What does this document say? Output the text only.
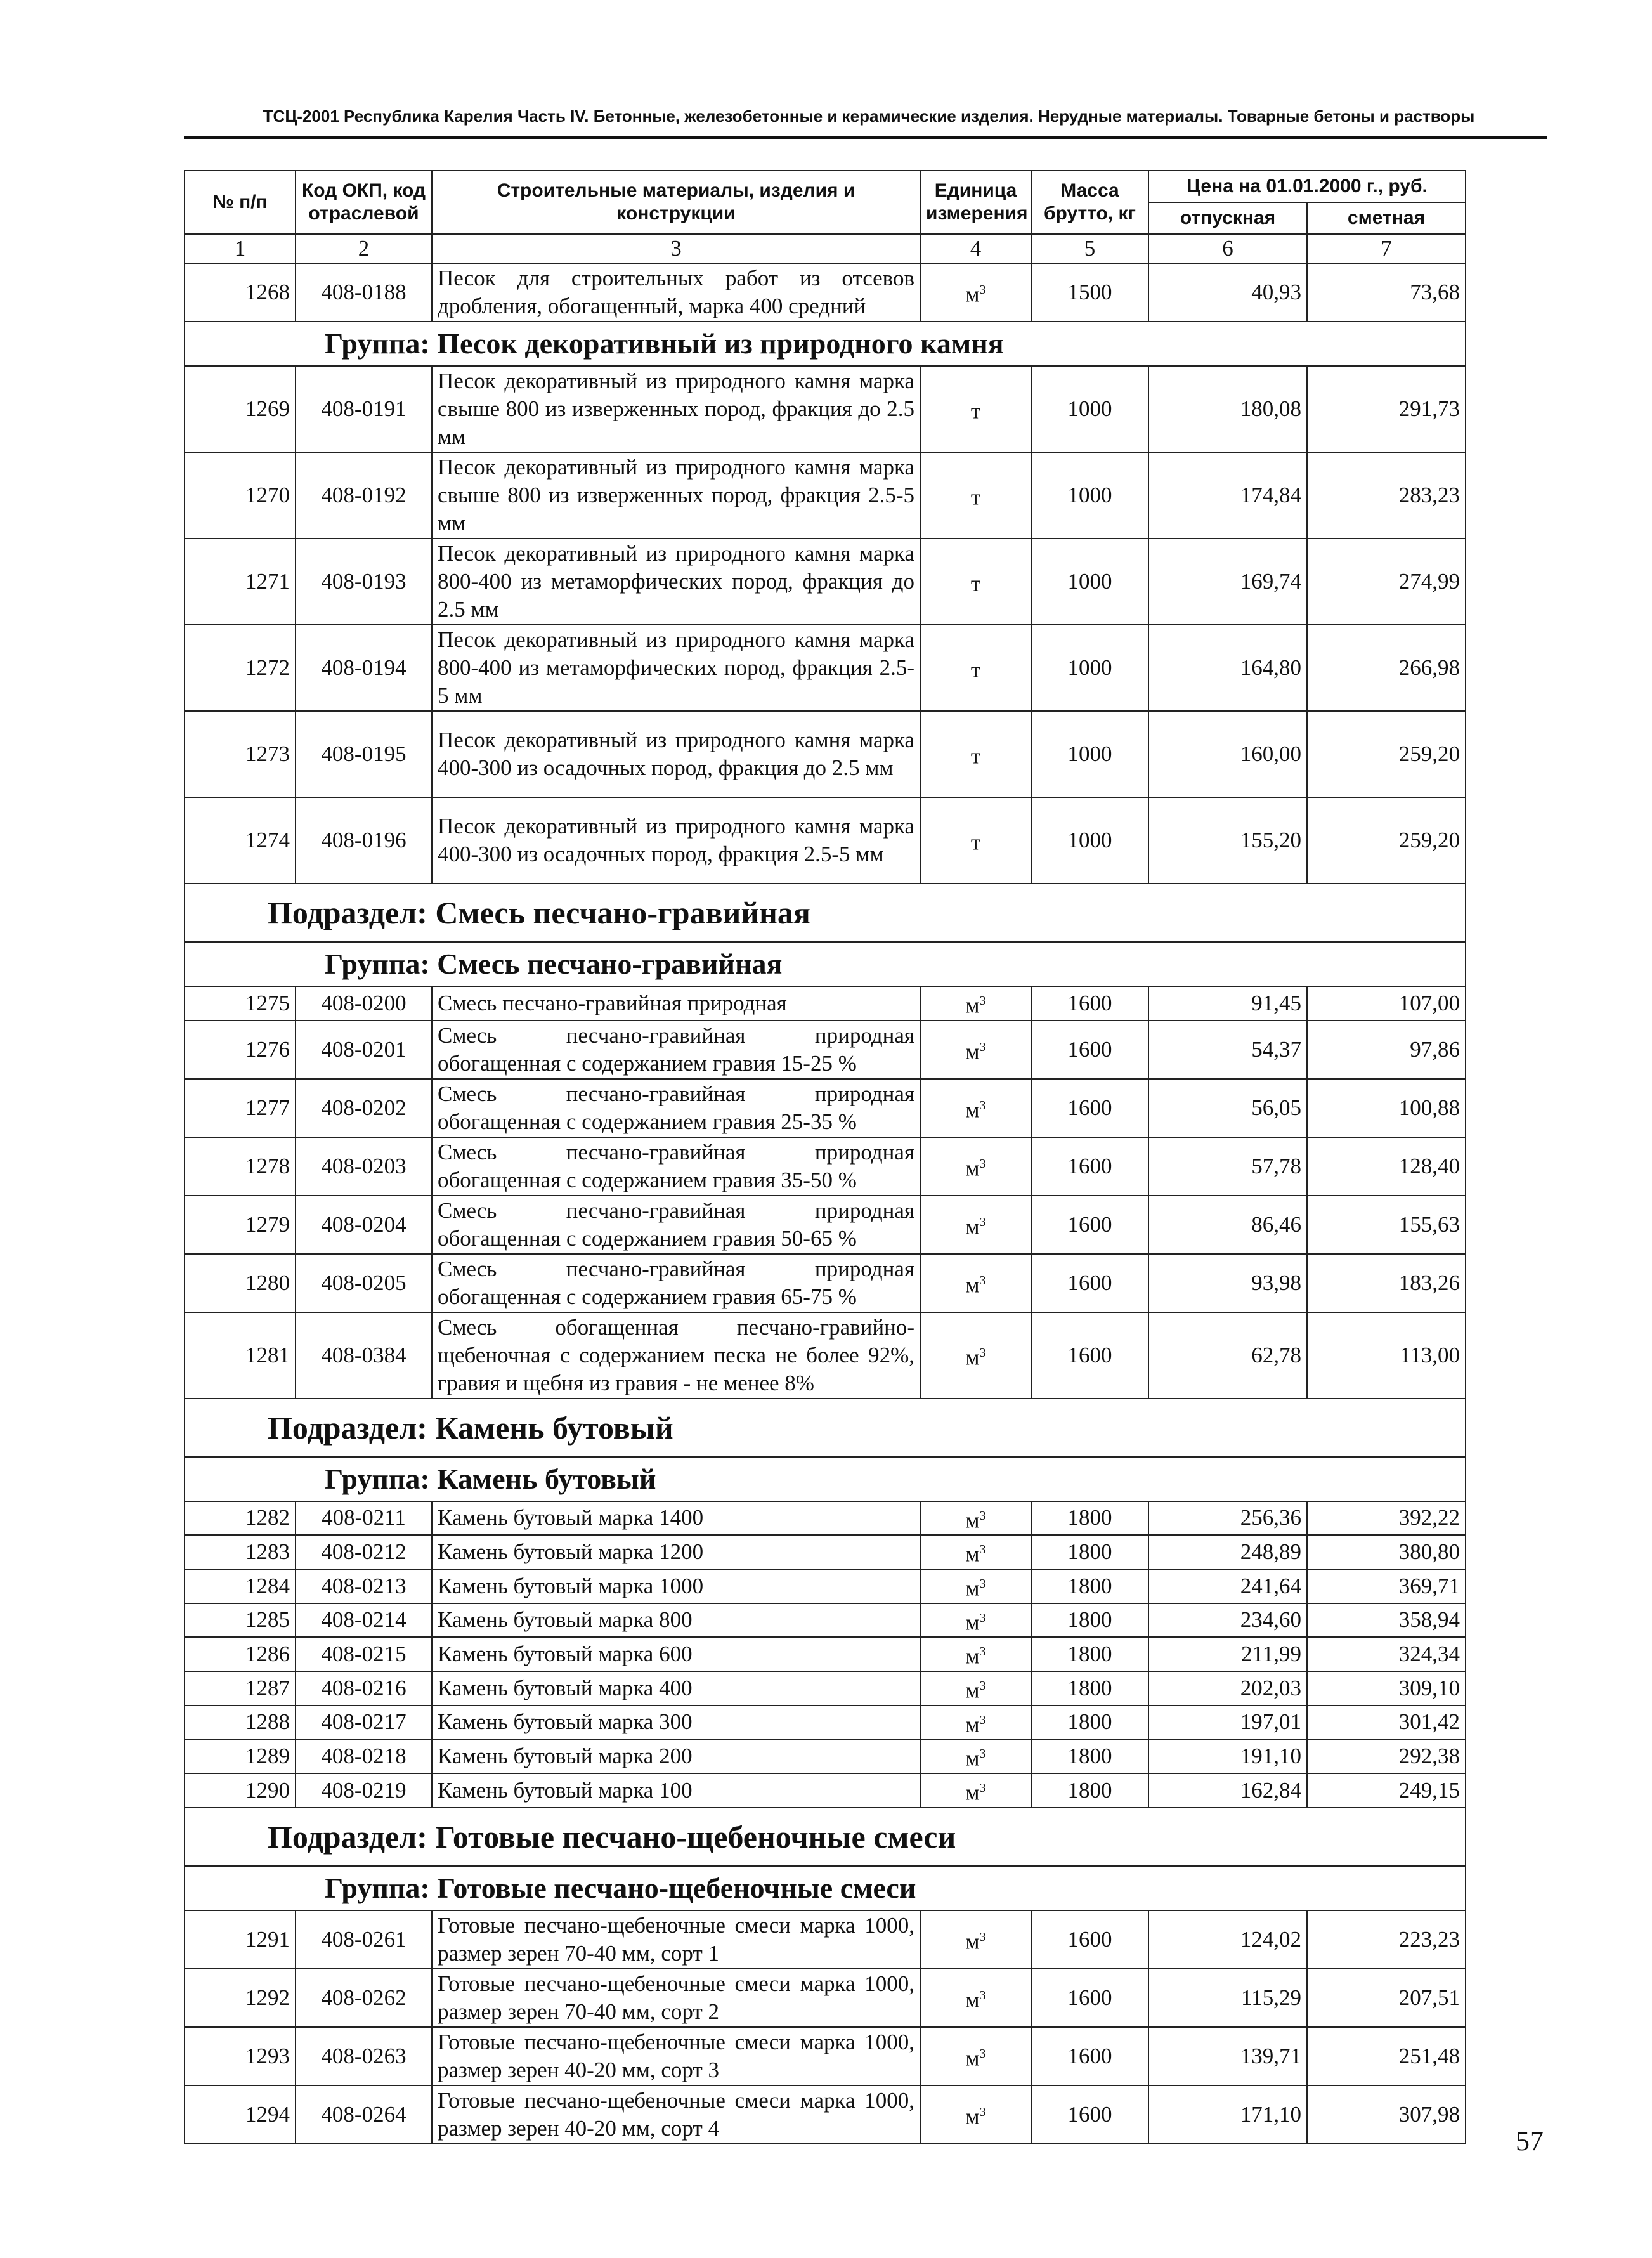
ТСЦ-2001 Республика Карелия Часть IV. Бетонные, железобетонные и керамические изделия. Нерудные материалы. Товарные бетоны и растворы
№ п/п	Код ОКП, код отраслевой	Строительные материалы, изделия и конструкции	Единица измерения	Масса брутто, кг	Цена на 01.01.2000 г., руб.	
					отпускная	сметная
1	2	3	4	5	6	7
1268	408-0188	Песок для строительных работ из отсевов дробления, обогащенный, марка 400 средний	$м^3$	1500	40,93	73,68
Группа: Песок декоративный из природного камня						
1269	408-0191	Песок декоративный из природного камня марка свыше 800 из изверженных пород, фракция до 2.5 мм	т	1000	180,08	291,73
1270	408-0192	Песок декоративный из природного камня марка свыше 800 из изверженных пород, фракция 2.5-5 мм	т	1000	174,84	283,23
1271	408-0193	Песок декоративный из природного камня марка 800-400 из метаморфических пород, фракция до 2.5 мм	т	1000	169,74	274,99
1272	408-0194	Песок декоративный из природного камня марка 800-400 из метаморфических пород, фракция 2.5-5 мм	т	1000	164,80	266,98
1273	408-0195	Песок декоративный из природного камня марка 400-300 из осадочных пород, фракция до 2.5 мм	т	1000	160,00	259,20
1274	408-0196	Песок декоративный из природного камня марка 400-300 из осадочных пород, фракция 2.5-5 мм	т	1000	155,20	259,20
Подраздел: Смесь песчано-гравийная						
Группа: Смесь песчано-гравийная						
1275	408-0200	Смесь песчано-гравийная природная	$м^3$	1600	91,45	107,00
1276	408-0201	Смесь песчано-гравийная природная обогащенная с содержанием гравия 15-25 %	$м^3$	1600	54,37	97,86
1277	408-0202	Смесь песчано-гравийная природная обогащенная с содержанием гравия 25-35 %	$м^3$	1600	56,05	100,88
1278	408-0203	Смесь песчано-гравийная природная обогащенная с содержанием гравия 35-50 %	$м^3$	1600	57,78	128,40
1279	408-0204	Смесь песчано-гравийная природная обогащенная с содержанием гравия 50-65 %	$м^3$	1600	86,46	155,63
1280	408-0205	Смесь песчано-гравийная природная обогащенная с содержанием гравия 65-75 %	$м^3$	1600	93,98	183,26
1281	408-0384	Смесь обогащенная песчано-гравийно-щебеночная с содержанием песка не более 92%, гравия и щебня из гравия - не менее 8%	$м^3$	1600	62,78	113,00
Подраздел: Камень бутовый						
Группа: Камень бутовый						
1282	408-0211	Камень бутовый марка 1400	$м^3$	1800	256,36	392,22
1283	408-0212	Камень бутовый марка 1200	$м^3$	1800	248,89	380,80
1284	408-0213	Камень бутовый марка 1000	$м^3$	1800	241,64	369,71
1285	408-0214	Камень бутовый марка 800	$м^3$	1800	234,60	358,94
1286	408-0215	Камень бутовый марка 600	$м^3$	1800	211,99	324,34
1287	408-0216	Камень бутовый марка 400	$м^3$	1800	202,03	309,10
1288	408-0217	Камень бутовый марка 300	$м^3$	1800	197,01	301,42
1289	408-0218	Камень бутовый марка 200	$м^3$	1800	191,10	292,38
1290	408-0219	Камень бутовый марка 100	$м^3$	1800	162,84	249,15
Подраздел: Готовые песчано-щебеночные смеси						
Группа: Готовые песчано-щебеночные смеси						
1291	408-0261	Готовые песчано-щебеночные смеси марка 1000, размер зерен 70-40 мм, сорт 1	$м^3$	1600	124,02	223,23
1292	408-0262	Готовые песчано-щебеночные смеси марка 1000, размер зерен 70-40 мм, сорт 2	$м^3$	1600	115,29	207,51
1293	408-0263	Готовые песчано-щебеночные смеси марка 1000, размер зерен 40-20 мм, сорт 3	$м^3$	1600	139,71	251,48
1294	408-0264	Готовые песчано-щебеночные смеси марка 1000, размер зерен 40-20 мм, сорт 4	$м^3$	1600	171,10	307,98
57
